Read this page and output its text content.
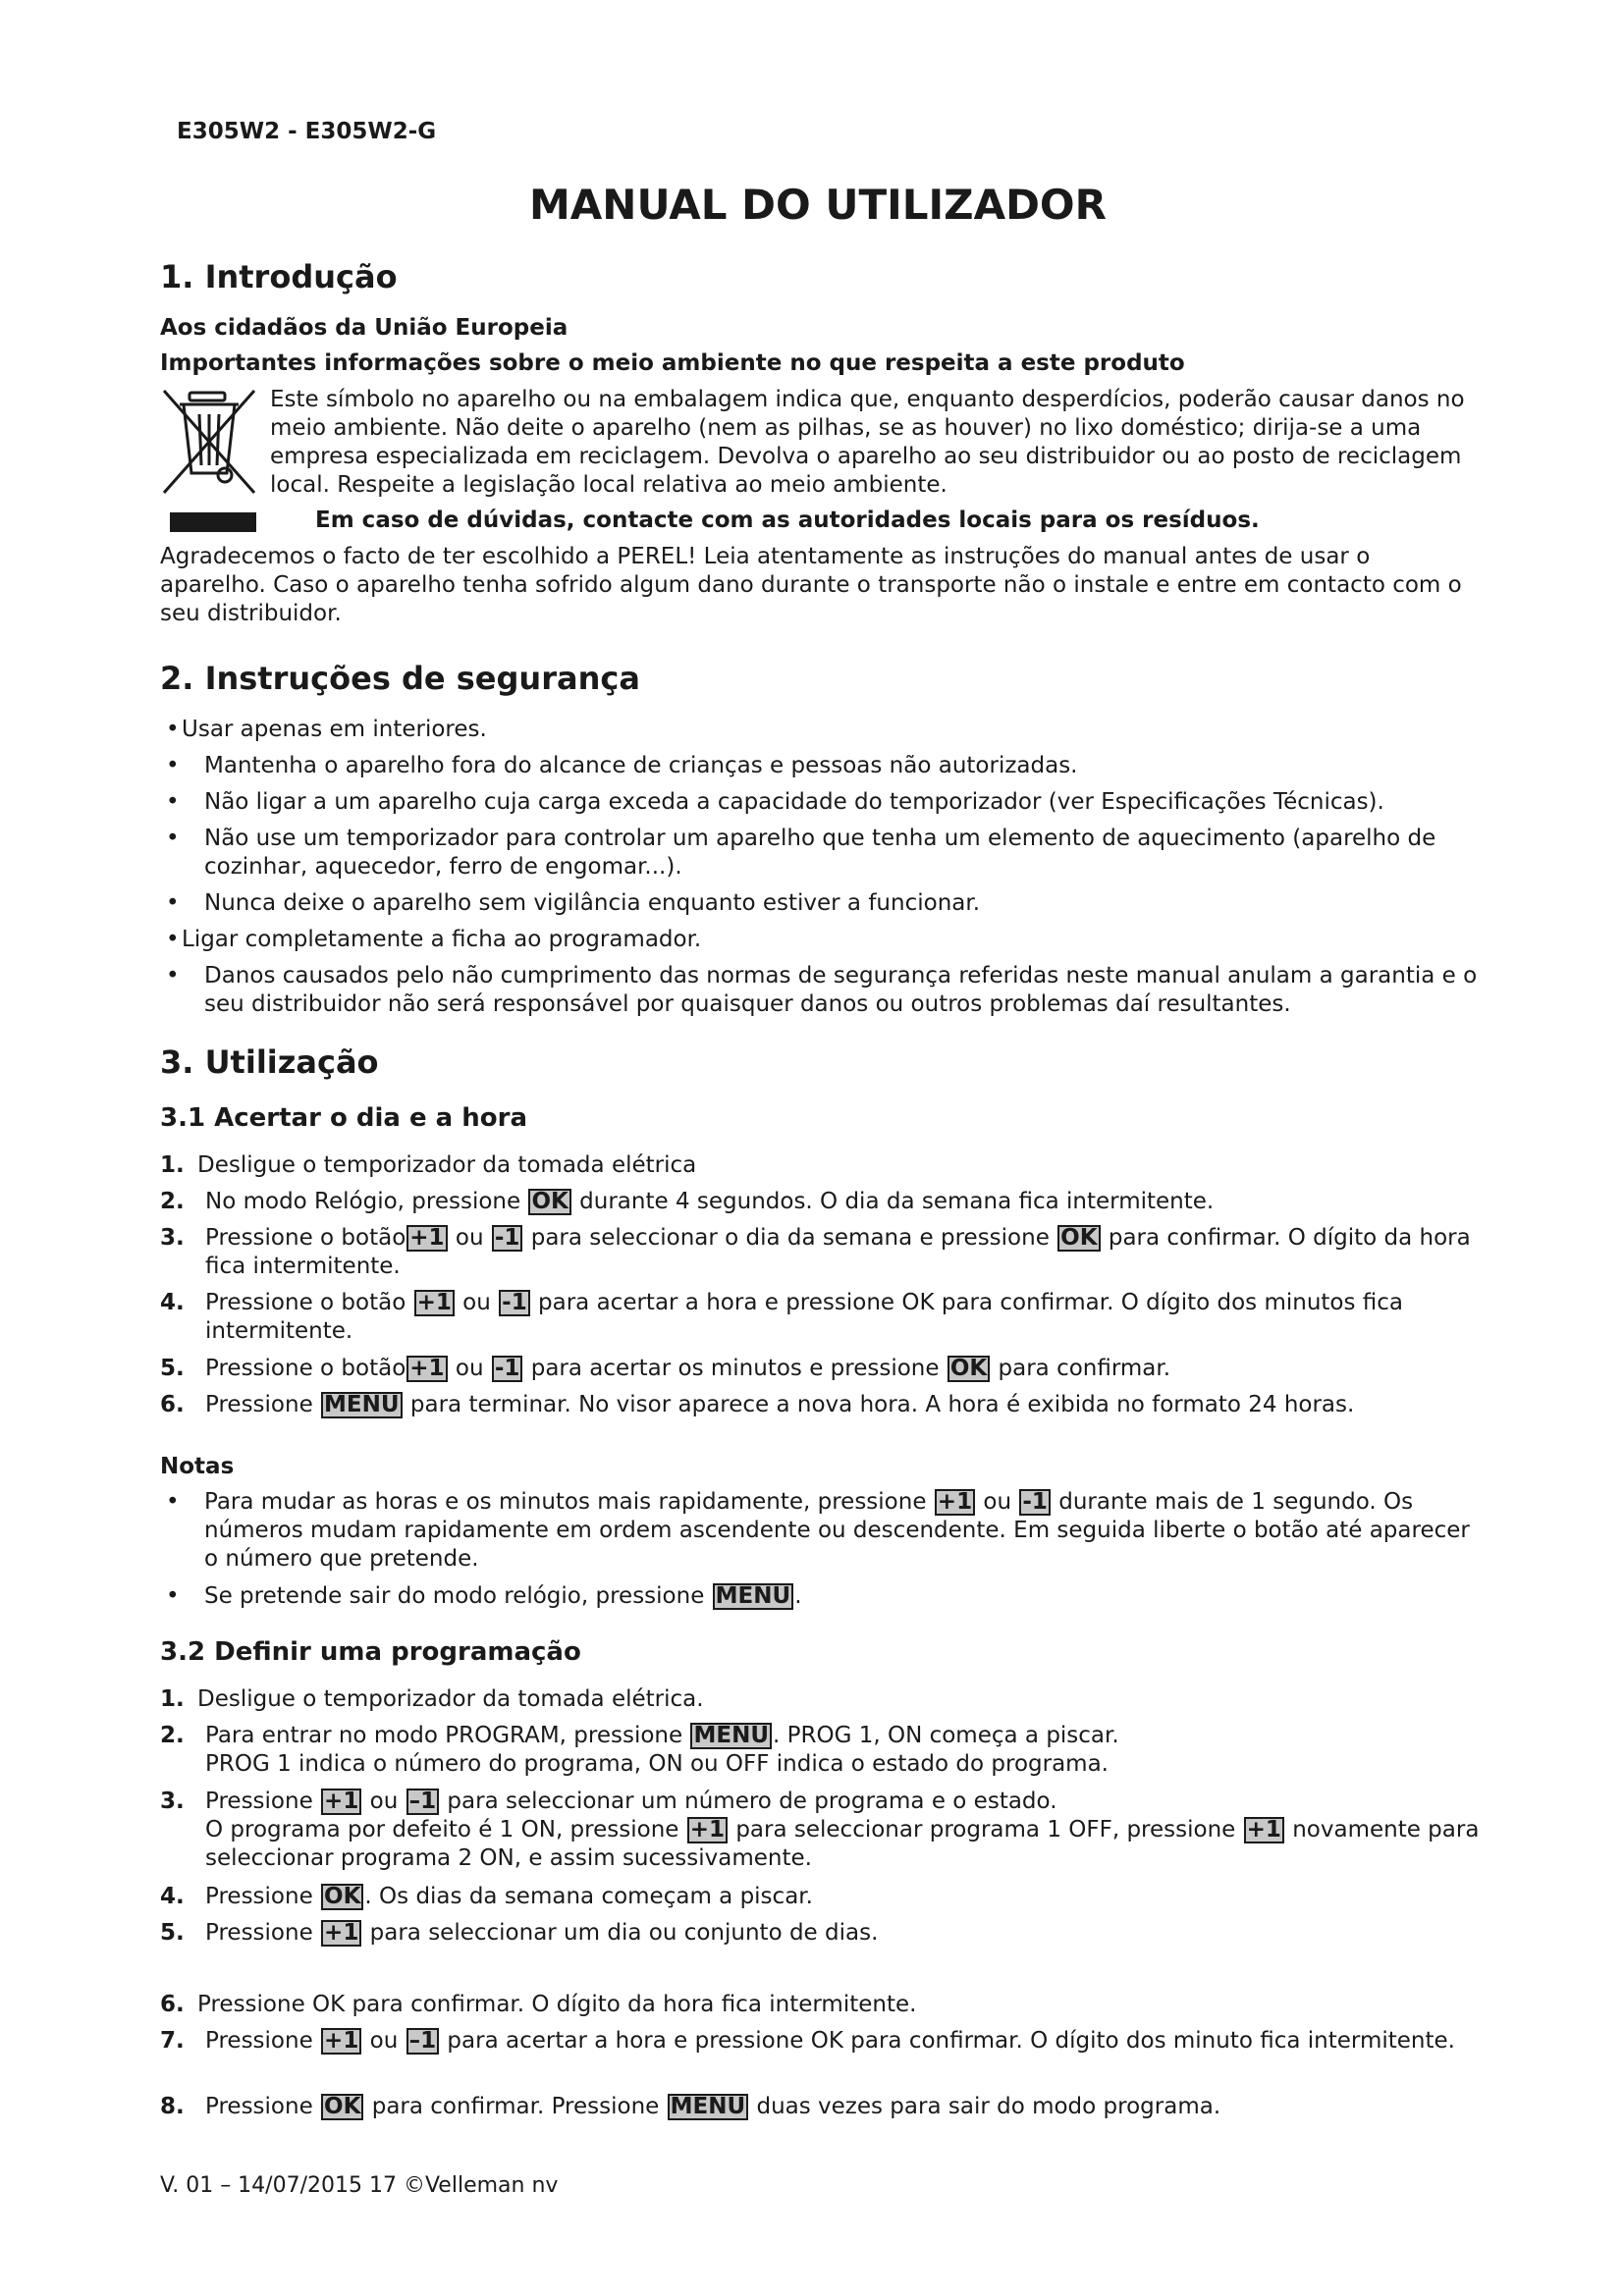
E305W2 - E305W2-G
MANUAL DO UTILIZADOR
1. Introdução

Aos cidadãos da União Europeia

Importantes informações sobre o meio ambiente no que respeita a este produto

Este símbolo no aparelho ou na embalagem indica que, enquanto desperdícios, poderão causar danos no meio ambiente. Não deite o aparelho (nem as pilhas, se as houver) no lixo doméstico; dirija-se a uma empresa especializada em reciclagem. Devolva o aparelho ao seu distribuidor ou ao posto de reciclagem local. Respeite a legislação local relativa ao meio ambiente.

Em caso de dúvidas, contacte com as autoridades locais para os resíduos.

Agradecemos o facto de ter escolhido a PEREL! Leia atentamente as instruções do manual antes de usar o aparelho. Caso o aparelho tenha sofrido algum dano durante o transporte não o instale e entre em contacto com o seu distribuidor.

2. Instruções de segurança
• Usar apenas em interiores.
•	Mantenha o aparelho fora do alcance de crianças e pessoas não autorizadas.
•	Não ligar a um aparelho cuja carga exceda a capacidade do temporizador (ver Especificações Técnicas).
•	Não use um temporizador para controlar um aparelho que tenha um elemento de aquecimento (aparelho de cozinhar, aquecedor, ferro de engomar...).
•	Nunca deixe o aparelho sem vigilância enquanto estiver a funcionar.
• Ligar completamente a ficha ao programador.
•	Danos causados pelo não cumprimento das normas de segurança referidas neste manual anulam a garantia e o seu distribuidor não será responsável por quaisquer danos ou outros problemas daí resultantes.
3. Utilização
3.1 Acertar o dia e a hora
1. Desligue o temporizador da tomada elétrica
2. No modo Relógio, pressione OK durante 4 segundos. O dia da semana fica intermitente.
3. Pressione o botão +1 ou -1 para seleccionar o dia da semana e pressione OK para confirmar. O dígito da hora fica intermitente.
4. Pressione o botão +1 ou -1 para acertar a hora e pressione OK para confirmar. O dígito dos minutos fica intermitente.
5. Pressione o botão +1 ou -1 para acertar os minutos e pressione OK para confirmar.
6. Pressione MENU para terminar. No visor aparece a nova hora. A hora é exibida no formato 24 horas.

Notas

•	Para mudar as horas e os minutos mais rapidamente, pressione +1 ou -1 durante mais de 1 segundo. Os números mudam rapidamente em ordem ascendente ou descendente. Em seguida liberte o botão até aparecer o número que pretende.
•	Se pretende sair do modo relógio, pressione MENU .
3.2 Definir uma programação
1. Desligue o temporizador da tomada elétrica.
2. Para entrar no modo PROGRAM, pressione MENU . PROG 1, ON começa a piscar.
PROG 1 indica o número do programa, ON ou OFF indica o estado do programa.
3. Pressione +1 ou –1 para seleccionar um número de programa e o estado.
O programa por defeito é 1 ON, pressione +1 para seleccionar programa 1 OFF, pressione +1 novamente para seleccionar programa 2 ON, e assim sucessivamente.
4. Pressione OK . Os dias da semana começam a piscar.
5. Pressione +1 para seleccionar um dia ou conjunto de dias.
6. Pressione OK para confirmar. O dígito da hora fica intermitente.
7. Pressione +1 ou –1 para acertar a hora e pressione OK para confirmar. O dígito dos minuto fica intermitente.
8. Pressione OK para confirmar. Pressione MENU duas vezes para sair do modo programa.
V. 01 – 14/07/2015 17 ©Velleman nv
